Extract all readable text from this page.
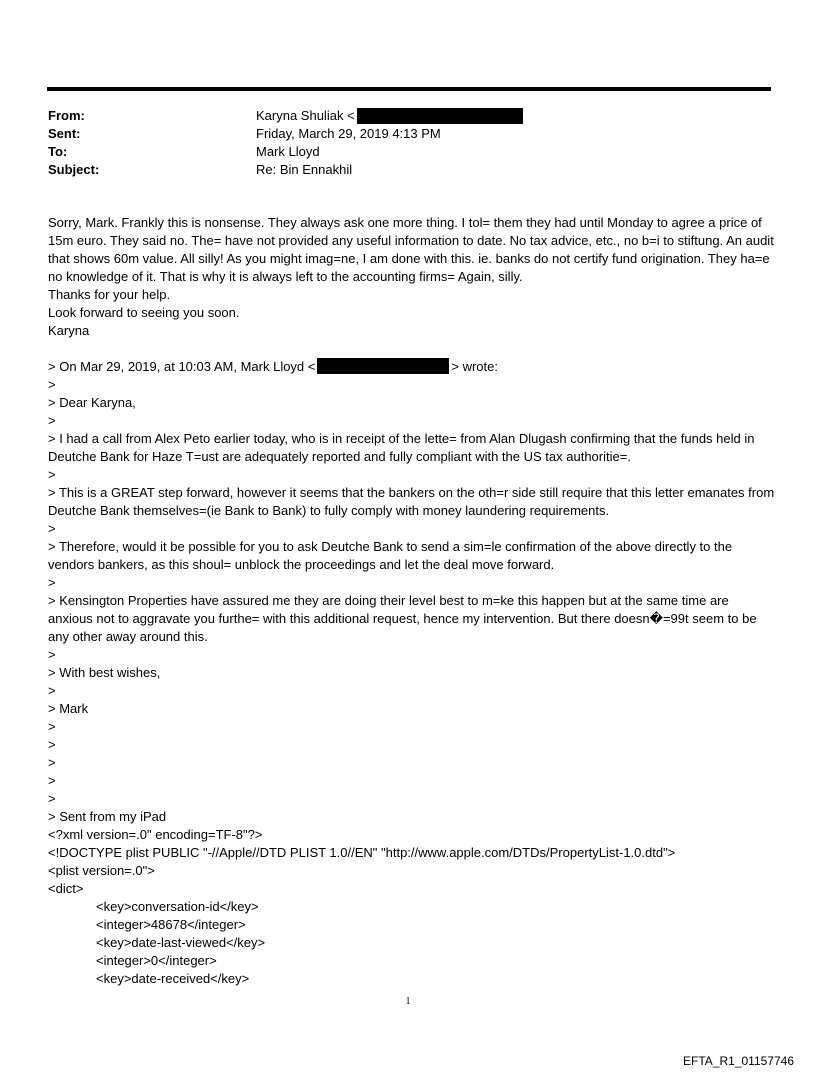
From:	Karyna Shuliak <
Sent:	Friday, March 29, 2019 4:13 PM
To:	Mark Lloyd
Subject:	Re: Bin Ennakhil

Sorry, Mark. Frankly this is nonsense. They always ask one more thing. I tol= them they had until Monday to agree a price of 15m euro. They said no. The= have not provided any useful information to date. No tax advice, etc., no b=i to stiftung. An audit that shows 60m value. All silly! As you might imag=ne, I am done with this. ie. banks do not certify fund origination. They ha=e no knowledge of it. That is why it is always left to the accounting firms= Again, silly.

Thanks for your help.
Look forward to seeing you soon.
Karyna
> On Mar 29, 2019, at 10:03 AM, Mark Lloyd <	> wrote:
>
> Dear Karyna,
>

> I had a call from Alex Peto earlier today, who is in receipt of the lette= from Alan Dlugash confirming that the funds held in Deutche Bank for Haze T=ust are adequately reported and fully compliant with the US tax authoritie=.

>

> This is a GREAT step forward, however it seems that the bankers on the oth=r side still require that this letter emanates from Deutche Bank themselves=(ie Bank to Bank) to fully comply with money laundering requirements.

>

> Therefore, would it be possible for you to ask Deutche Bank to send a sim=le confirmation of the above directly to the vendors bankers, as this shoul= unblock the proceedings and let the deal move forward.

>

> Kensington Properties have assured me they are doing their level best to m=ke this happen but at the same time are anxious not to aggravate you furthe= with this additional request, hence my intervention. But there doesn�=99t seem to be any other away around this.

>
> With best wishes,
>
> Mark
>
>
>
>
>
> Sent from my iPad
<?xml version=.0" encoding=TF-8"?>
<!DOCTYPE plist PUBLIC "-//Apple//DTD PLIST 1.0//EN" "http://www.apple.com/DTDs/PropertyList-1.0.dtd">
<plist version=.0">
<dict>
<key>conversation-id</key>
<integer>48678</integer>
<key>date-last-viewed</key>
<integer>0</integer>
<key>date-received</key>
1
EFTA_R1_01157746
